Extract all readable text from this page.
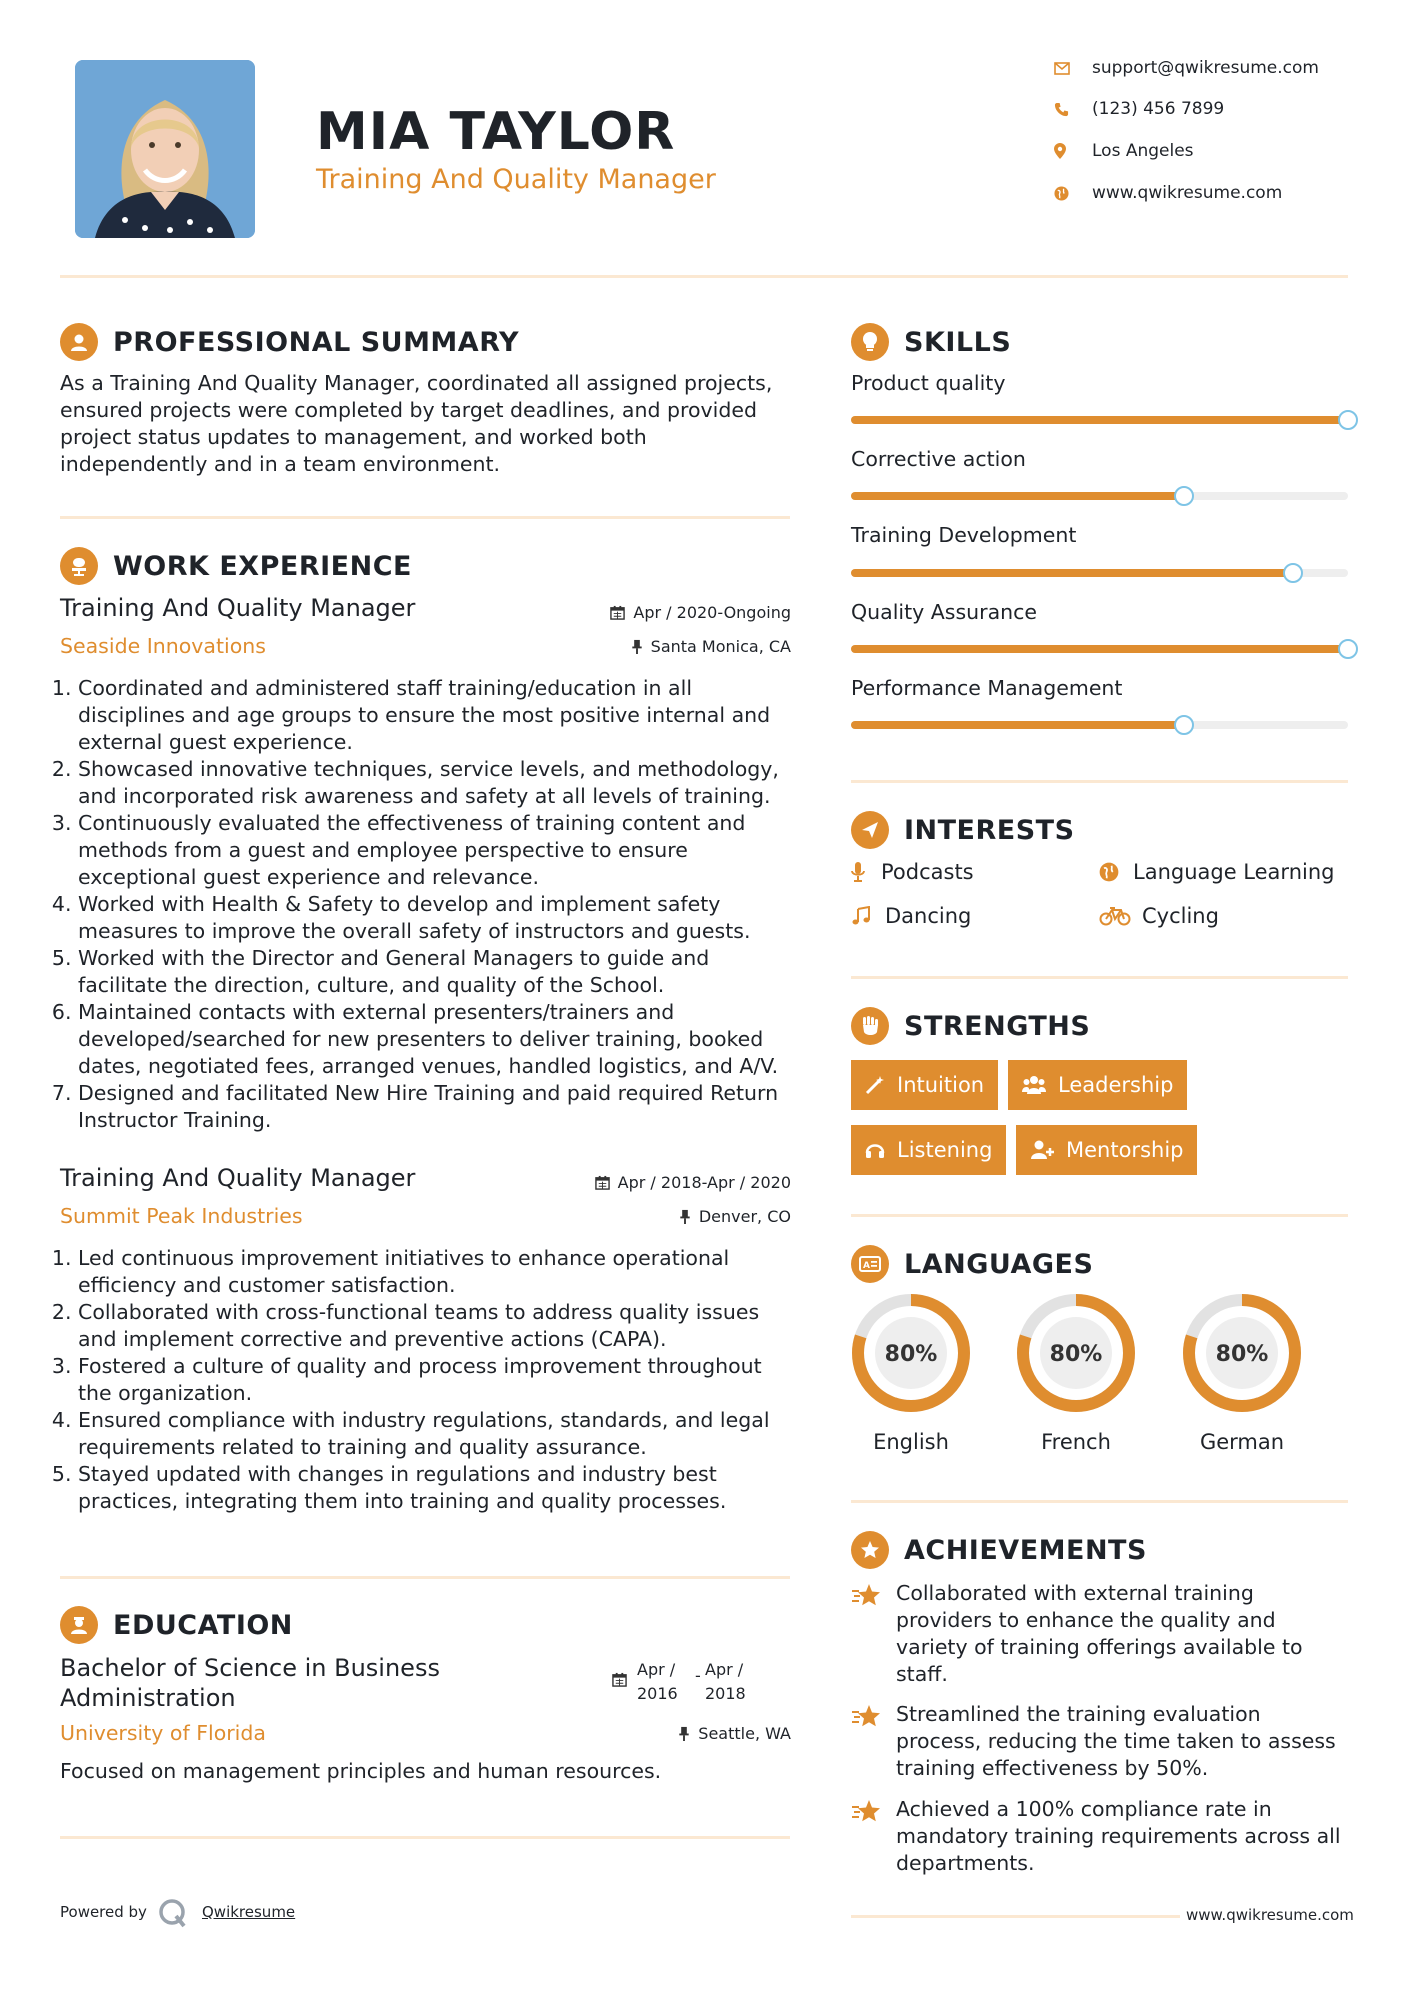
MIA TAYLOR
Training And Quality Manager
support@qwikresume.com
(123) 456 7899
Los Angeles
www.qwikresume.com
PROFESSIONAL SUMMARY
As a Training And Quality Manager, coordinated all assigned projects, ensured projects were completed by target deadlines, and provided project status updates to management, and worked both independently and in a team environment.
WORK EXPERIENCE
Training And Quality Manager	Apr / 2020-Ongoing
Seaside Innovations	Santa Monica, CA
1. Coordinated and administered staff training/education in all disciplines and age groups to ensure the most positive internal and external guest experience.
2. Showcased innovative techniques, service levels, and methodology, and incorporated risk awareness and safety at all levels of training.
3. Continuously evaluated the effectiveness of training content and methods from a guest and employee perspective to ensure exceptional guest experience and relevance.
4. Worked with Health & Safety to develop and implement safety measures to improve the overall safety of instructors and guests.
5. Worked with the Director and General Managers to guide and facilitate the direction, culture, and quality of the School.
6. Maintained contacts with external presenters/trainers and developed/searched for new presenters to deliver training, booked dates, negotiated fees, arranged venues, handled logistics, and A/V.
7. Designed and facilitated New Hire Training and paid required Return Instructor Training.
Training And Quality Manager	Apr / 2018-Apr / 2020
Summit Peak Industries	Denver, CO
1. Led continuous improvement initiatives to enhance operational efficiency and customer satisfaction.
2. Collaborated with cross-functional teams to address quality issues and implement corrective and preventive actions (CAPA).
3. Fostered a culture of quality and process improvement throughout the organization.
4. Ensured compliance with industry regulations, standards, and legal requirements related to training and quality assurance.
5. Stayed updated with changes in regulations and industry best practices, integrating them into training and quality processes.
EDUCATION
Bachelor of Science in Business
Administration
Apr /
2016
- Apr /
2018
University of Florida	Seattle, WA
Focused on management principles and human resources.
Powered by	Qwikresume
SKILLS
Product quality
Corrective action
Training Development
Quality Assurance
Performance Management
INTERESTS
Podcasts	Language Learning
Dancing	Cycling
STRENGTHS
Intuition	Leadership
Listening	Mentorship
A LANGUAGES
80%
English
80%
French
80%
German
ACHIEVEMENTS
Collaborated with external training providers to enhance the quality and variety of training offerings available to staff.
Streamlined the training evaluation process, reducing the time taken to assess training effectiveness by 50%.
Achieved a 100% compliance rate in mandatory training requirements across all departments.
www.qwikresume.com
